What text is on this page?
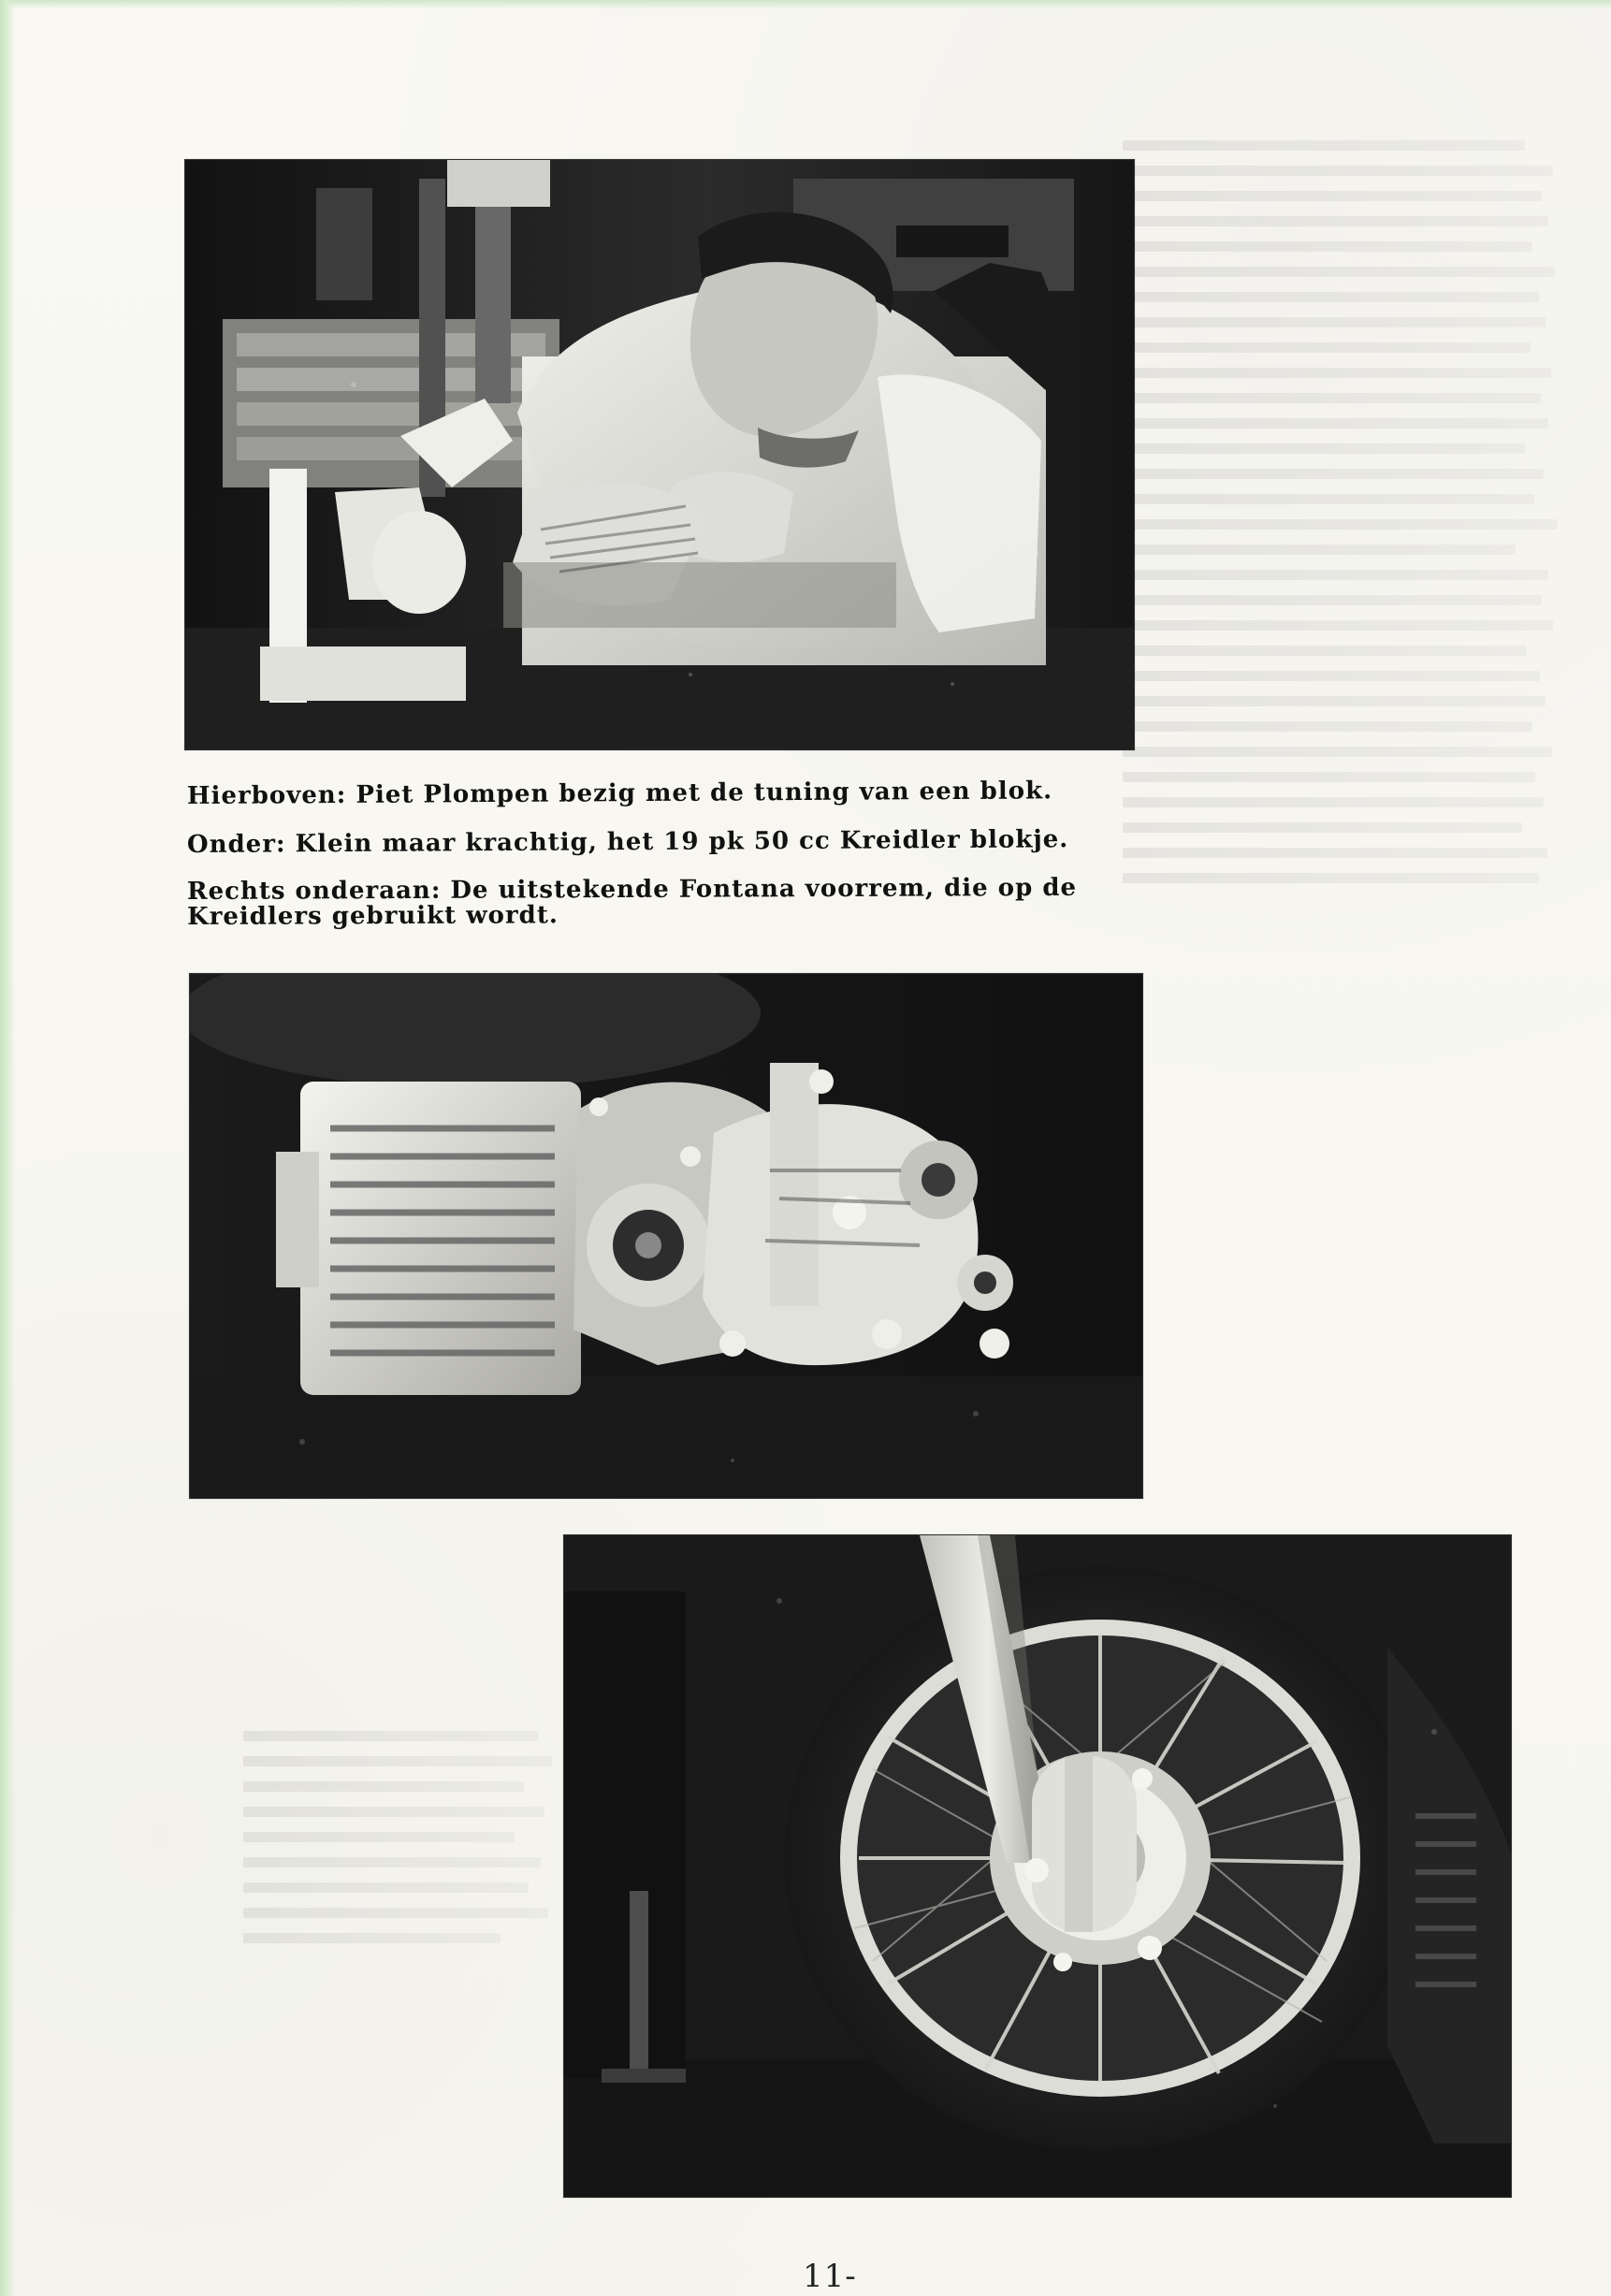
Hierboven: Piet Plompen bezig met de tuning van een blok.
Onder: Klein maar krachtig, het 19 pk 50 cc Kreidler blokje.
Rechts onderaan: De uitstekende Fontana voorrem, die op de Kreidlers gebruikt wordt.
11-
